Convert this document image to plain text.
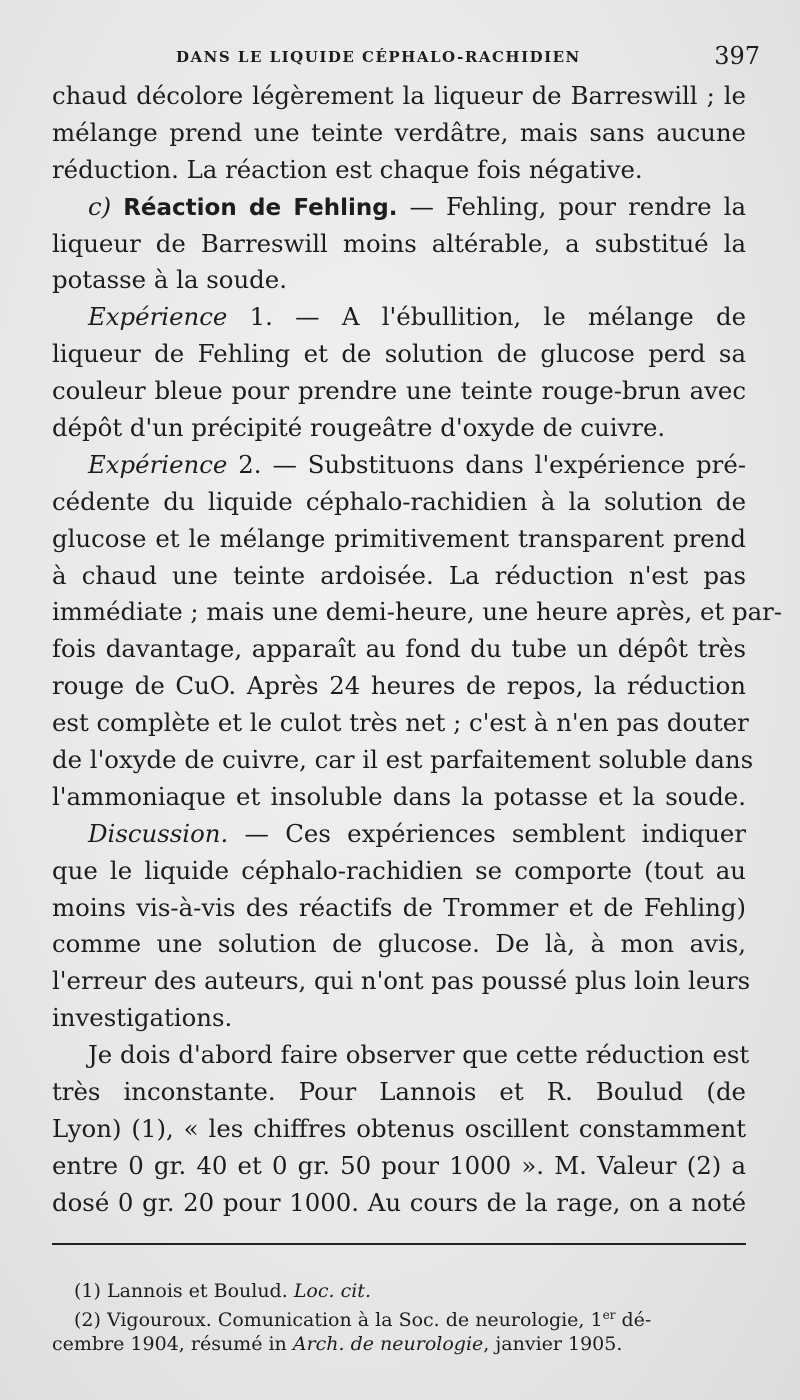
DANS LE LIQUIDE CÉPHALO-RACHIDIEN	397
chaud décolore légèrement la liqueur de Barreswill ; le
mélange prend une teinte verdâtre, mais sans aucune
réduction. La réaction est chaque fois négative.
c) Réaction de Fehling. — Fehling, pour rendre la
liqueur de Barreswill moins altérable, a substitué la
potasse à la soude.
Expérience 1. — A l'ébullition, le mélange de
liqueur de Fehling et de solution de glucose perd sa
couleur bleue pour prendre une teinte rouge-brun avec
dépôt d'un précipité rougeâtre d'oxyde de cuivre.
Expérience 2. — Substituons dans l'expérience pré-
cédente du liquide céphalo-rachidien à la solution de
glucose et le mélange primitivement transparent prend
à chaud une teinte ardoisée. La réduction n'est pas
immédiate ; mais une demi-heure, une heure après, et par-
fois davantage, apparaît au fond du tube un dépôt très
rouge de CuO. Après 24 heures de repos, la réduction
est complète et le culot très net ; c'est à n'en pas douter
de l'oxyde de cuivre, car il est parfaitement soluble dans
l'ammoniaque et insoluble dans la potasse et la soude.
Discussion. — Ces expériences semblent indiquer
que le liquide céphalo-rachidien se comporte (tout au
moins vis-à-vis des réactifs de Trommer et de Fehling)
comme une solution de glucose. De là, à mon avis,
l'erreur des auteurs, qui n'ont pas poussé plus loin leurs
investigations.
Je dois d'abord faire observer que cette réduction est
très inconstante. Pour Lannois et R. Boulud (de
Lyon) (1), « les chiffres obtenus oscillent constamment
entre 0 gr. 40 et 0 gr. 50 pour 1000 ». M. Valeur (2) a
dosé 0 gr. 20 pour 1000. Au cours de la rage, on a noté
(1) Lannois et Boulud. Loc. cit.
(2) Vigouroux. Comunication à la Soc. de neurologie, 1er dé-
cembre 1904, résumé in Arch. de neurologie, janvier 1905.
